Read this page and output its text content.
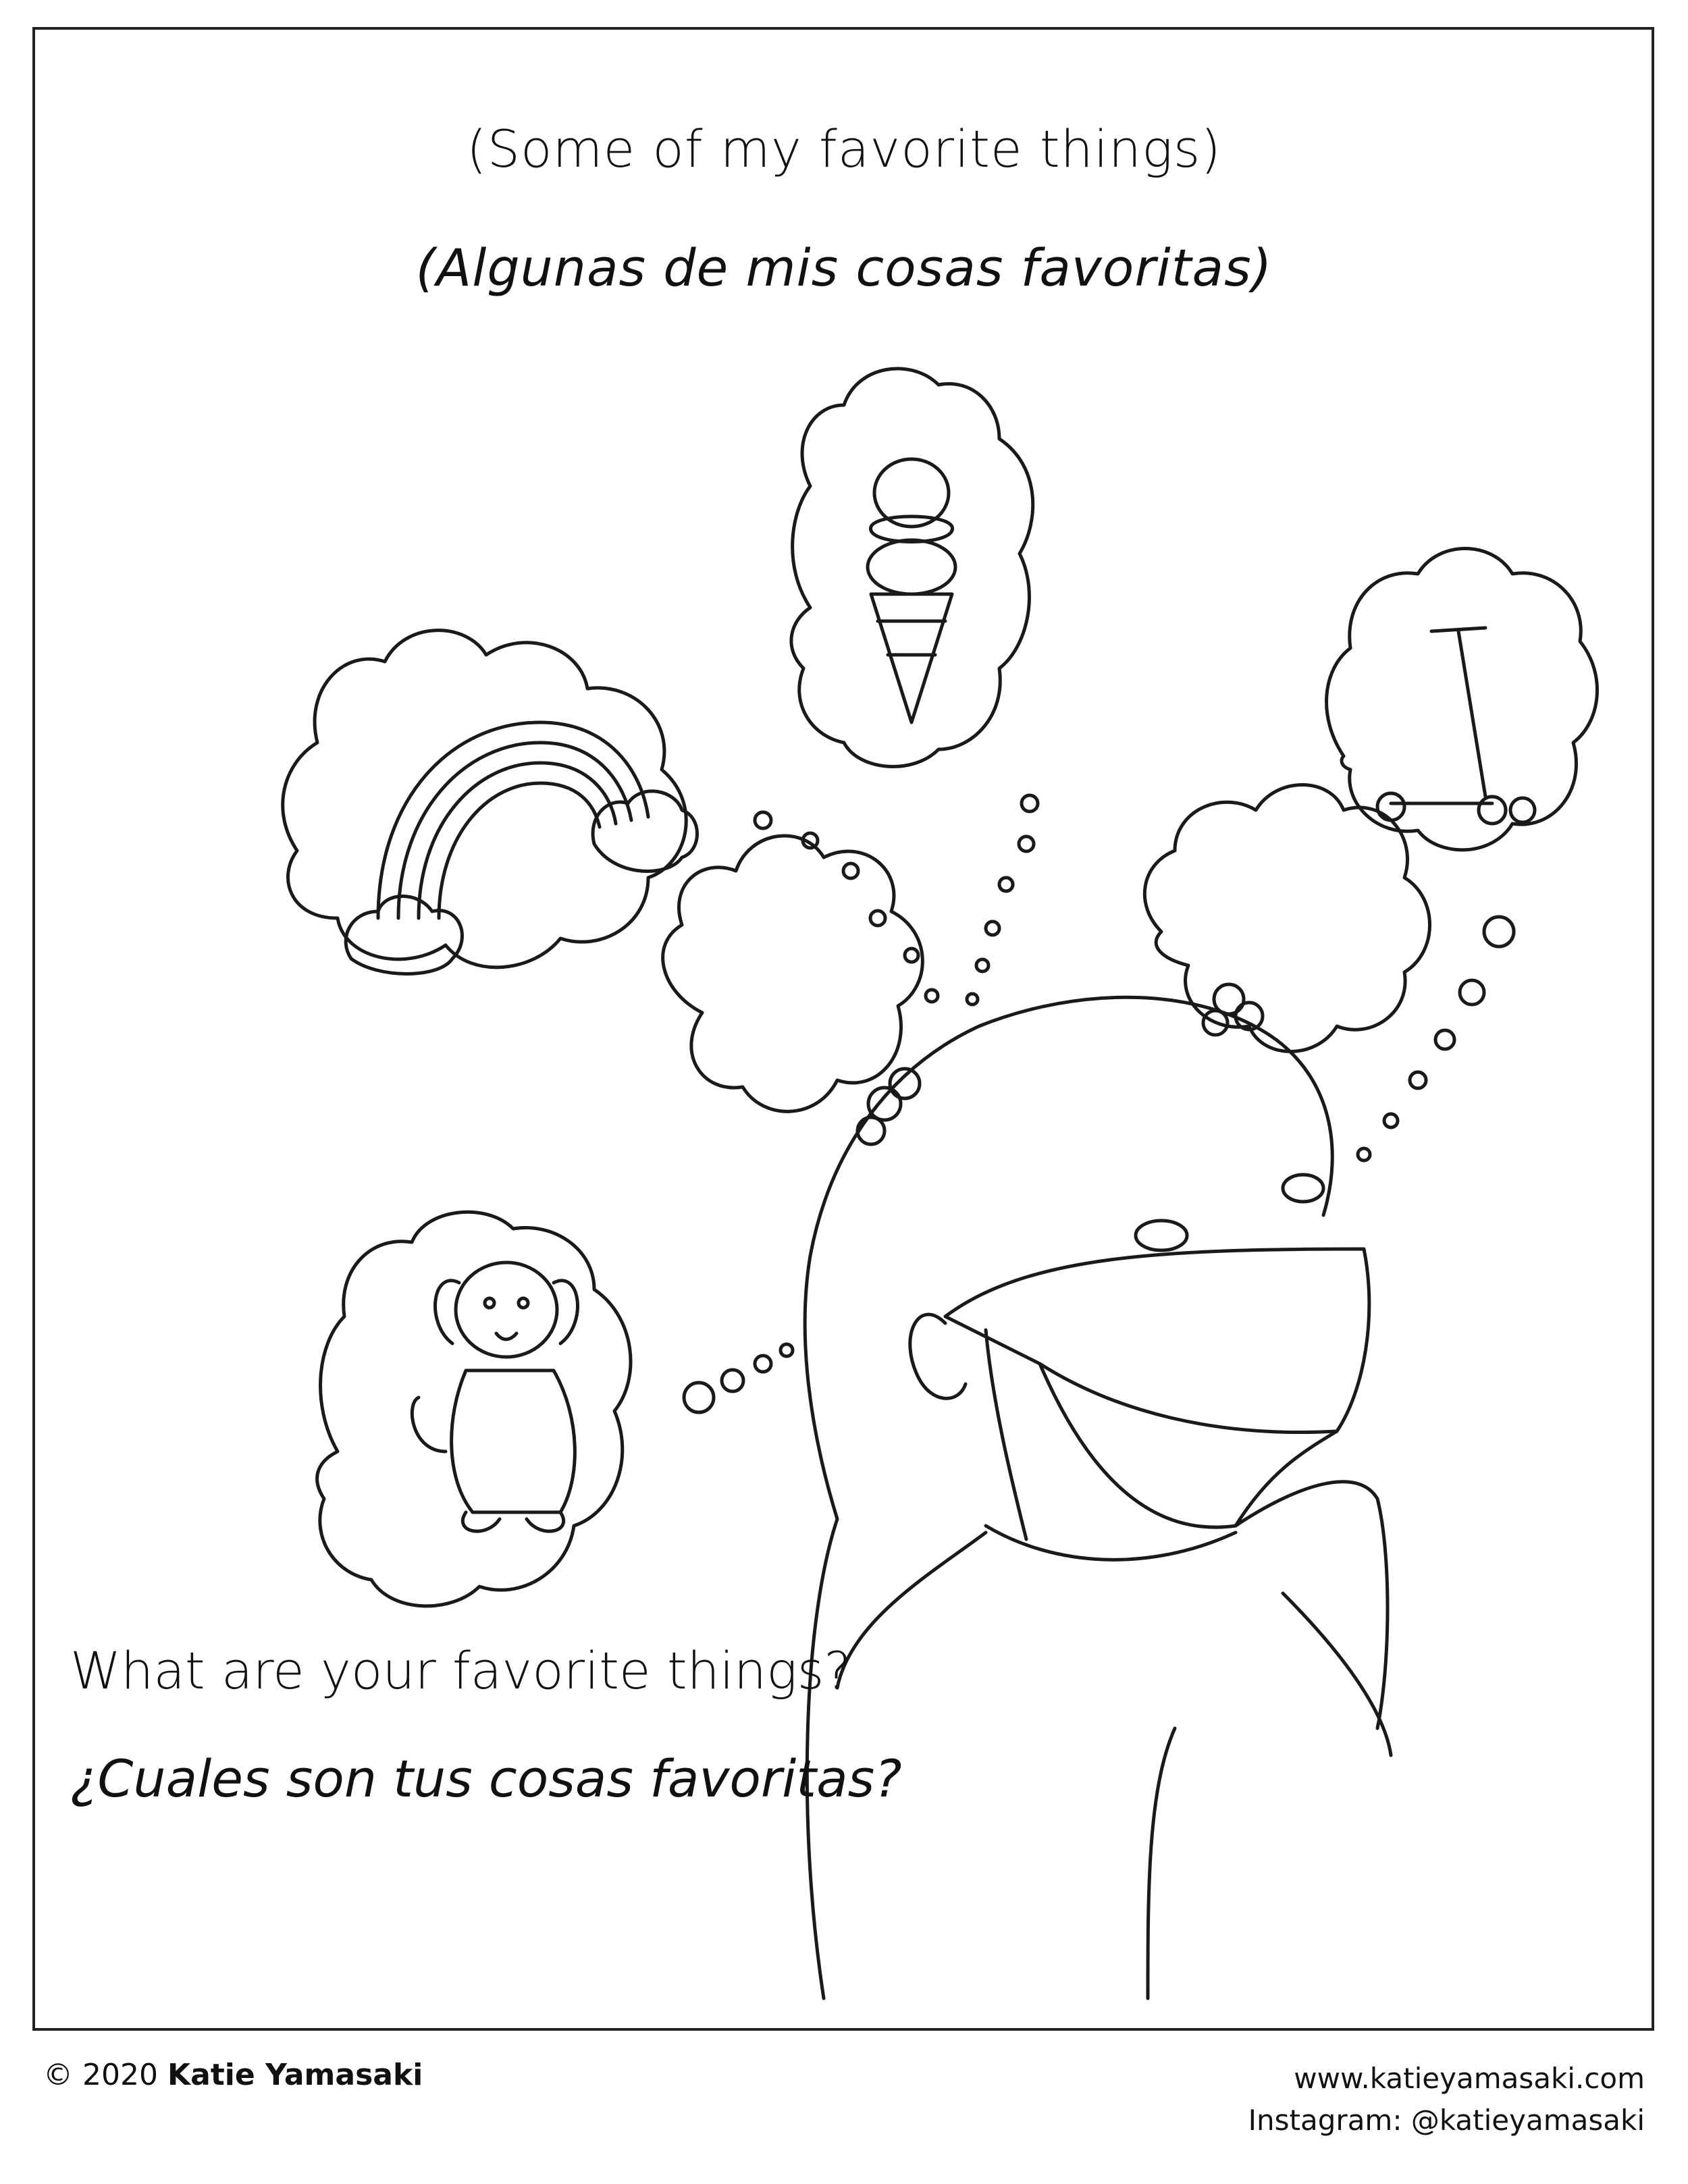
(Some of my favorite things)
(Algunas de mis cosas favoritas)
What are your favorite things?
¿Cuales son tus cosas favoritas?
© 2020 Katie Yamasaki	www.katieyamasaki.com
Instagram: @katieyamasaki
